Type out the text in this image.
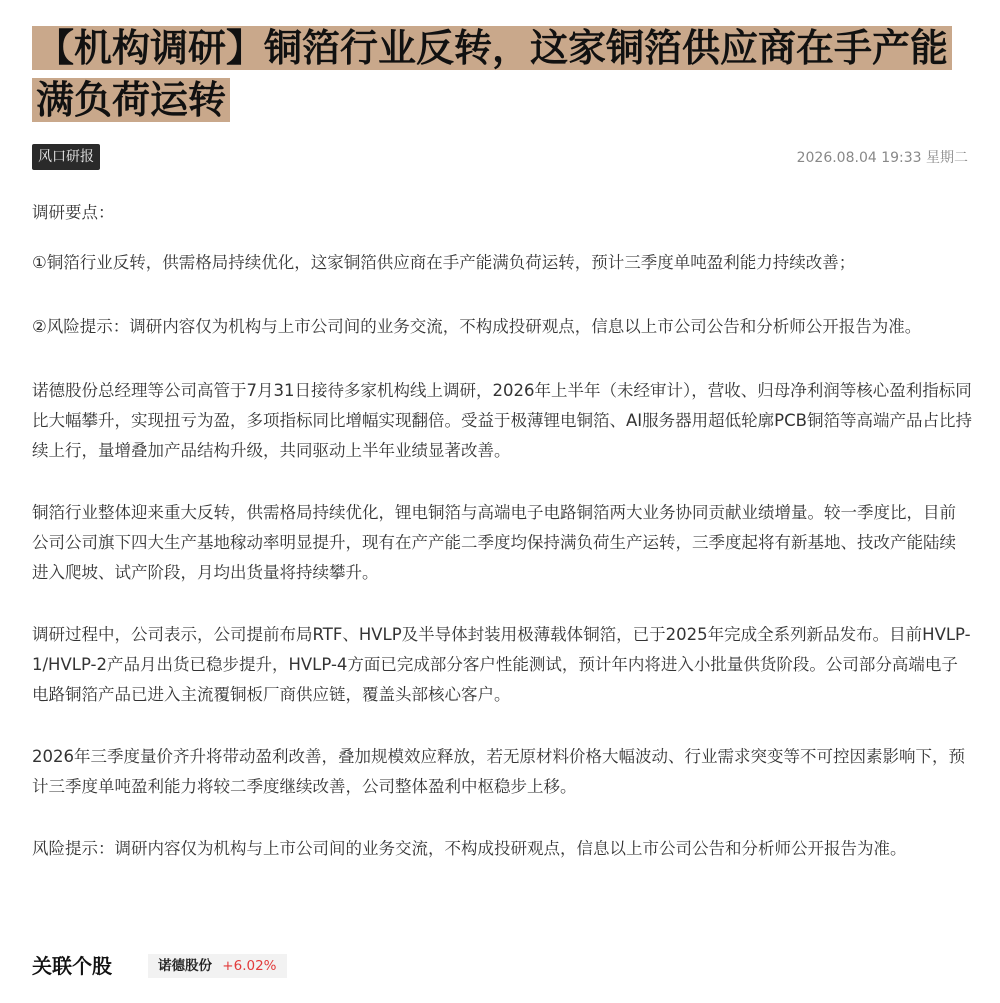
【机构调研】铜箔行业反转，这家铜箔供应商在手产能满负荷运转
风口研报	2026.08.04 19:33 星期二

调研要点：

①铜箔行业反转，供需格局持续优化，这家铜箔供应商在手产能满负荷运转，预计三季度单吨盈利能力持续改善；

②风险提示：调研内容仅为机构与上市公司间的业务交流，不构成投研观点，信息以上市公司公告和分析师公开报告为准。

诺德股份总经理等公司高管于7月31日接待多家机构线上调研，2026年上半年（未经审计），营收、归母净利润等核心盈利指标同比大幅攀升，实现扭亏为盈，多项指标同比增幅实现翻倍。受益于极薄锂电铜箔、AI服务器用超低轮廓PCB铜箔等高端产品占比持续上行，量增叠加产品结构升级，共同驱动上半年业绩显著改善。

铜箔行业整体迎来重大反转，供需格局持续优化，锂电铜箔与高端电子电路铜箔两大业务协同贡献业绩增量。较一季度比，目前公司公司旗下四大生产基地稼动率明显提升，现有在产产能二季度均保持满负荷生产运转，三季度起将有新基地、技改产能陆续进入爬坡、试产阶段，月均出货量将持续攀升。

调研过程中，公司表示，公司提前布局RTF、HVLP及半导体封装用极薄载体铜箔，已于2025年完成全系列新品发布。目前HVLP-1/HVLP-2产品月出货已稳步提升，HVLP-4方面已完成部分客户性能测试，预计年内将进入小批量供货阶段。公司部分高端电子电路铜箔产品已进入主流覆铜板厂商供应链，覆盖头部核心客户。

2026年三季度量价齐升将带动盈利改善，叠加规模效应释放，若无原材料价格大幅波动、行业需求突变等不可控因素影响下，预计三季度单吨盈利能力将较二季度继续改善，公司整体盈利中枢稳步上移。

风险提示：调研内容仅为机构与上市公司间的业务交流，不构成投研观点，信息以上市公司公告和分析师公开报告为准。

关联个股	诺德股份 +6.02%
